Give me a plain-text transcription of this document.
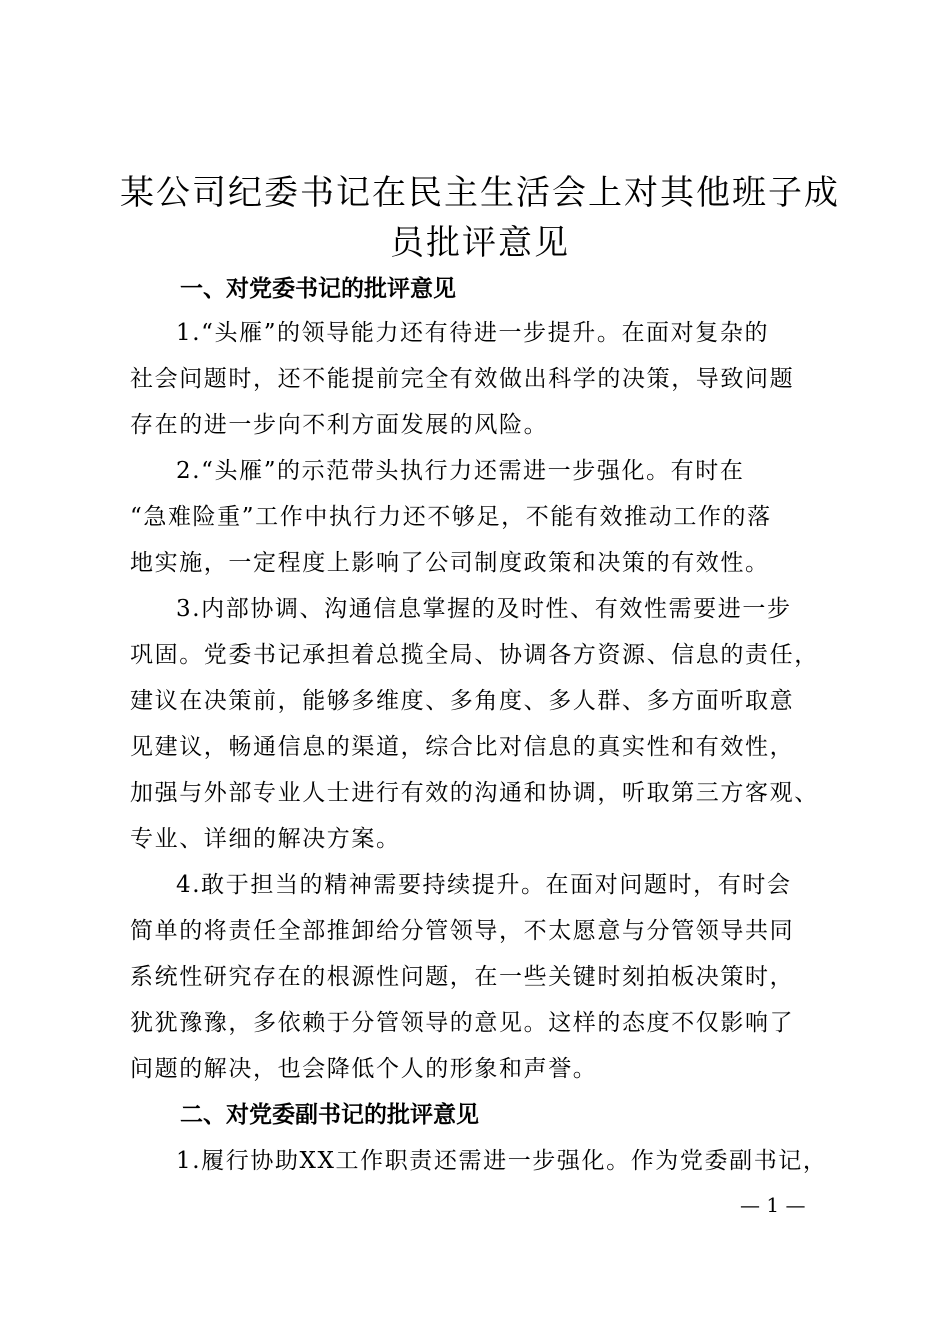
某公司纪委书记在民主生活会上对其他班子成
员批评意见
一、对党委书记的批评意见

1.“头雁”的领导能力还有待进一步提升。在面对复杂的

社会问题时，还不能提前完全有效做出科学的决策，导致问题

存在的进一步向不利方面发展的风险。

2.“头雁”的示范带头执行力还需进一步强化。有时在

“急难险重”工作中执行力还不够足，不能有效推动工作的落

地实施，一定程度上影响了公司制度政策和决策的有效性。

3.内部协调、沟通信息掌握的及时性、有效性需要进一步

巩固。党委书记承担着总揽全局、协调各方资源、信息的责任，

建议在决策前，能够多维度、多角度、多人群、多方面听取意

见建议，畅通信息的渠道，综合比对信息的真实性和有效性，

加强与外部专业人士进行有效的沟通和协调，听取第三方客观、

专业、详细的解决方案。

4.敢于担当的精神需要持续提升。在面对问题时，有时会

简单的将责任全部推卸给分管领导，不太愿意与分管领导共同

系统性研究存在的根源性问题，在一些关键时刻拍板决策时，

犹犹豫豫，多依赖于分管领导的意见。这样的态度不仅影响了

问题的解决，也会降低个人的形象和声誉。

二、对党委副书记的批评意见

1.履行协助XX工作职责还需进一步强化。作为党委副书记，

— 1 —
